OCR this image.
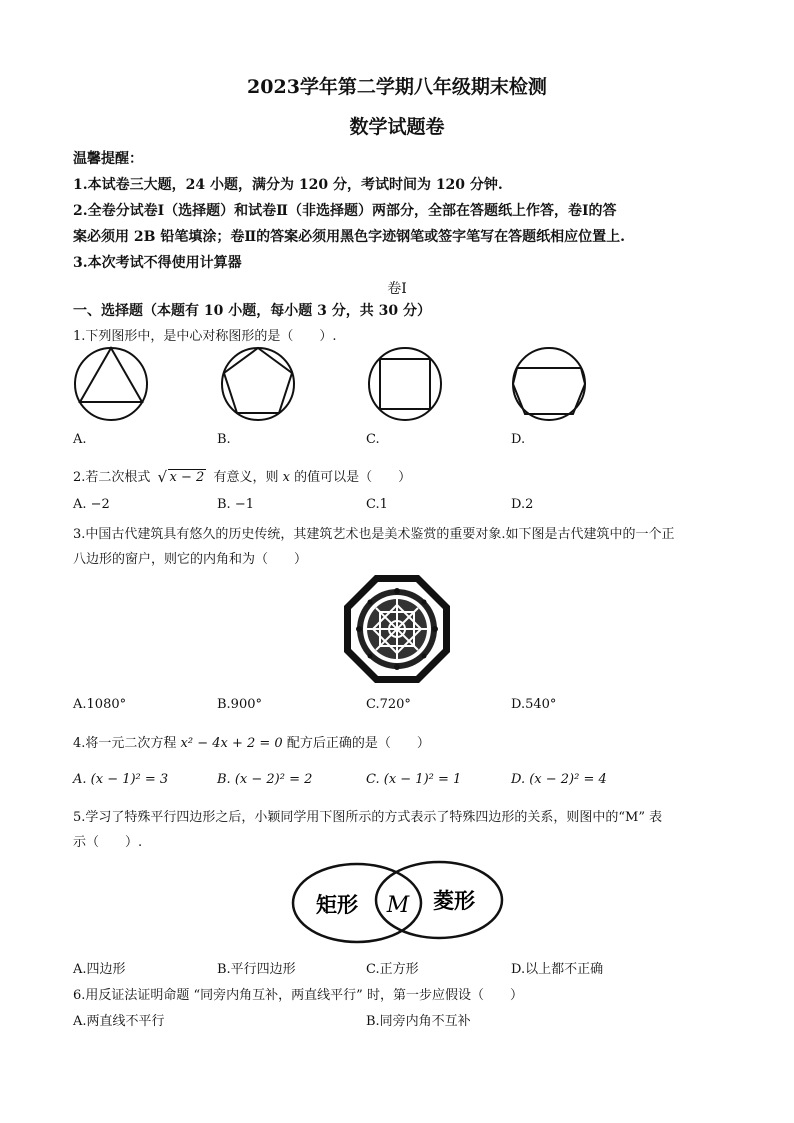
2023学年第二学期八年级期末检测
数学试题卷
温馨提醒：
1.本试卷三大题，24 小题，满分为 120 分，考试时间为 120 分钟.
2.全卷分试卷Ⅰ（选择题）和试卷Ⅱ（非选择题）两部分，全部在答题纸上作答，卷Ⅰ的答
案必须用 2B 铅笔填涂；卷Ⅱ的答案必须用黑色字迹钢笔或签字笔写在答题纸相应位置上.
3.本次考试不得使用计算器
卷Ⅰ
一、选择题（本题有 10 小题，每小题 3 分，共 30 分）
1.下列图形中，是中心对称图形的是（　　）.
A.	B.	C.	D.
2.若二次根式 √ x − 2 有意义，则 x 的值可以是（　　）
A. −2	B. −1	C.1	D.2
3.中国古代建筑具有悠久的历史传统，其建筑艺术也是美术鉴赏的重要对象.如下图是古代建筑中的一个正
八边形的窗户，则它的内角和为（　　）
A.1080°	B.900°	C.720°	D.540°
4.将一元二次方程 x² − 4x + 2 = 0 配方后正确的是（　　）
A. (x − 1)² = 3	B. (x − 2)² = 2	C. (x − 1)² = 1	D. (x − 2)² = 4
5.学习了特殊平行四边形之后，小颖同学用下图所示的方式表示了特殊四边形的关系，则图中的“M” 表
示（　　）.
矩形 M 菱形
A.四边形	B.平行四边形	C.正方形	D.以上都不正确
6.用反证法证明命题 “同旁内角互补，两直线平行” 时，第一步应假设（　　）
A.两直线不平行	B.同旁内角不互补
